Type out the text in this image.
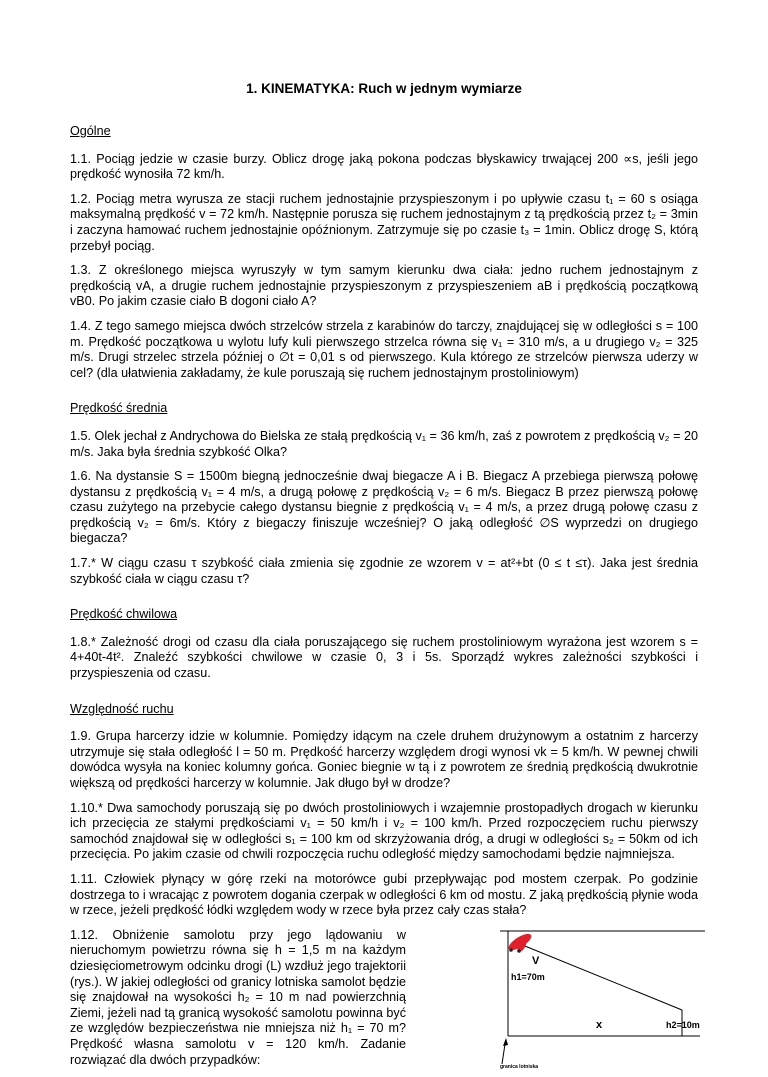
1. KINEMATYKA: Ruch w jednym wymiarze
Ogólne
1.1. Pociąg jedzie w czasie burzy. Oblicz drogę jaką pokona podczas błyskawicy trwającej 200 ∝s, jeśli jego prędkość wynosiła 72 km/h.
1.2. Pociąg metra wyrusza ze stacji ruchem jednostajnie przyspieszonym i po upływie czasu t₁ = 60 s osiąga maksymalną prędkość v = 72 km/h. Następnie porusza się ruchem jednostajnym z tą prędkością przez t₂ = 3min i zaczyna hamować ruchem jednostajnie opóźnionym. Zatrzymuje się po czasie t₃ = 1min. Oblicz drogę S, którą przebył pociąg.
1.3. Z określonego miejsca wyruszyły w tym samym kierunku dwa ciała: jedno ruchem jednostajnym z prędkością vA, a drugie ruchem jednostajnie przyspieszonym z przyspieszeniem aB i prędkością początkową vB0. Po jakim czasie ciało B dogoni ciało A?
1.4. Z tego samego miejsca dwóch strzelców strzela z karabinów do tarczy, znajdującej się w odległości s = 100 m. Prędkość początkowa u wylotu lufy kuli pierwszego strzelca równa się v₁ = 310 m/s, a u drugiego v₂ = 325 m/s. Drugi strzelec strzela później o ∅t = 0,01 s od pierwszego. Kula którego ze strzelców pierwsza uderzy w cel? (dla ułatwienia zakładamy, że kule poruszają się ruchem jednostajnym prostoliniowym)
Prędkość średnia
1.5. Olek jechał z Andrychowa do Bielska ze stałą prędkością v₁ = 36 km/h, zaś z powrotem z prędkością v₂ = 20 m/s. Jaka była średnia szybkość Olka?
1.6. Na dystansie S = 1500m biegną jednocześnie dwaj biegacze A i B. Biegacz A przebiega pierwszą połowę dystansu z prędkością v₁ = 4 m/s, a drugą połowę z prędkością v₂ = 6 m/s. Biegacz B przez pierwszą połowę czasu zużytego na przebycie całego dystansu biegnie z prędkością v₁ = 4 m/s, a przez drugą połowę czasu z prędkością v₂ = 6m/s. Który z biegaczy finiszuje wcześniej? O jaką odległość ∅S wyprzedzi on drugiego biegacza?
1.7.* W ciągu czasu τ szybkość ciała zmienia się zgodnie ze wzorem v = at²+bt (0 ≤ t ≤τ). Jaka jest średnia szybkość ciała w ciągu czasu τ?
Prędkość chwilowa
1.8.* Zależność drogi od czasu dla ciała poruszającego się ruchem prostoliniowym wyrażona jest wzorem s = 4+40t-4t². Znaleźć szybkości chwilowe w czasie 0, 3 i 5s. Sporządź wykres zależności szybkości i przyspieszenia od czasu.
Względność ruchu
1.9. Grupa harcerzy idzie w kolumnie. Pomiędzy idącym na czele druhem drużynowym a ostatnim z harcerzy utrzymuje się stała odległość l = 50 m. Prędkość harcerzy względem drogi wynosi vk = 5 km/h. W pewnej chwili dowódca wysyła na koniec kolumny gońca. Goniec biegnie w tą i z powrotem ze średnią prędkością dwukrotnie większą od prędkości harcerzy w kolumnie. Jak długo był w drodze?
1.10.* Dwa samochody poruszają się po dwóch prostoliniowych i wzajemnie prostopadłych drogach w kierunku ich przecięcia ze stałymi prędkościami v₁ = 50 km/h i v₂ = 100 km/h. Przed rozpoczęciem ruchu pierwszy samochód znajdował się w odległości s₁ = 100 km od skrzyżowania dróg, a drugi w odległości s₂ = 50km od ich przecięcia. Po jakim czasie od chwili rozpoczęcia ruchu odległość między samochodami będzie najmniejsza.
1.11. Człowiek płynący w górę rzeki na motorówce gubi przepływając pod mostem czerpak. Po godzinie dostrzega to i wracając z powrotem dogania czerpak w odległości 6 km od mostu. Z jaką prędkością płynie woda w rzece, jeżeli prędkość łódki względem wody w rzece była przez cały czas stała?
1.12. Obniżenie samolotu przy jego lądowaniu w nieruchomym powietrzu równa się h = 1,5 m na każdym dziesięciometrowym odcinku drogi (L) wzdłuż jego trajektorii (rys.). W jakiej odległości od granicy lotniska samolot będzie się znajdował na wysokości h₂ = 10 m nad powierzchnią Ziemi, jeżeli nad tą granicą wysokość samolotu powinna być ze względów bezpieczeństwa nie mniejsza niż h₁ = 70 m? Prędkość własna samolotu v = 120 km/h. Zadanie rozwiązać dla dwóch przypadków:
V
h1=70m
x	h2=10m
granica lotniska
